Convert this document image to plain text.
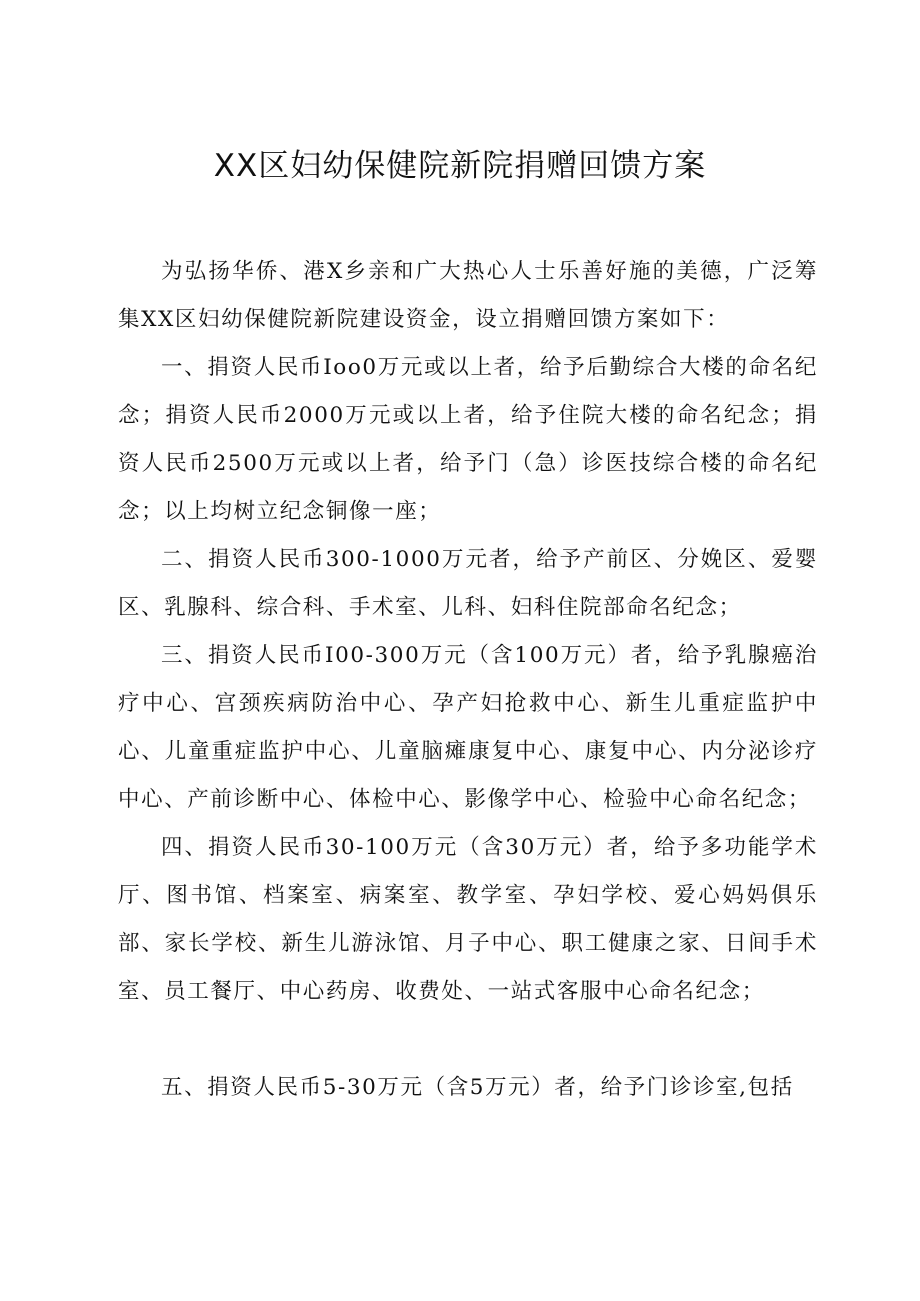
XX区妇幼保健院新院捐赠回馈方案

为弘扬华侨、港X乡亲和广大热心人士乐善好施的美德，广泛筹集XX区妇幼保健院新院建设资金，设立捐赠回馈方案如下：

一、捐资人民币Ioo0万元或以上者，给予后勤综合大楼的命名纪念；捐资人民币2000万元或以上者，给予住院大楼的命名纪念；捐资人民币2500万元或以上者，给予门（急）诊医技综合楼的命名纪念；以上均树立纪念铜像一座；

二、捐资人民币300-1000万元者，给予产前区、分娩区、爱婴区、乳腺科、综合科、手术室、儿科、妇科住院部命名纪念；

三、捐资人民币I00-300万元（含100万元）者，给予乳腺癌治疗中心、宫颈疾病防治中心、孕产妇抢救中心、新生儿重症监护中心、儿童重症监护中心、儿童脑瘫康复中心、康复中心、内分泌诊疗中心、产前诊断中心、体检中心、影像学中心、检验中心命名纪念；

四、捐资人民币30-100万元（含30万元）者，给予多功能学术厅、图书馆、档案室、病案室、教学室、孕妇学校、爱心妈妈俱乐部、家长学校、新生儿游泳馆、月子中心、职工健康之家、日间手术室、员工餐厅、中心药房、收费处、一站式客服中心命名纪念；

五、捐资人民币5-30万元（含5万元）者，给予门诊诊室,包括
